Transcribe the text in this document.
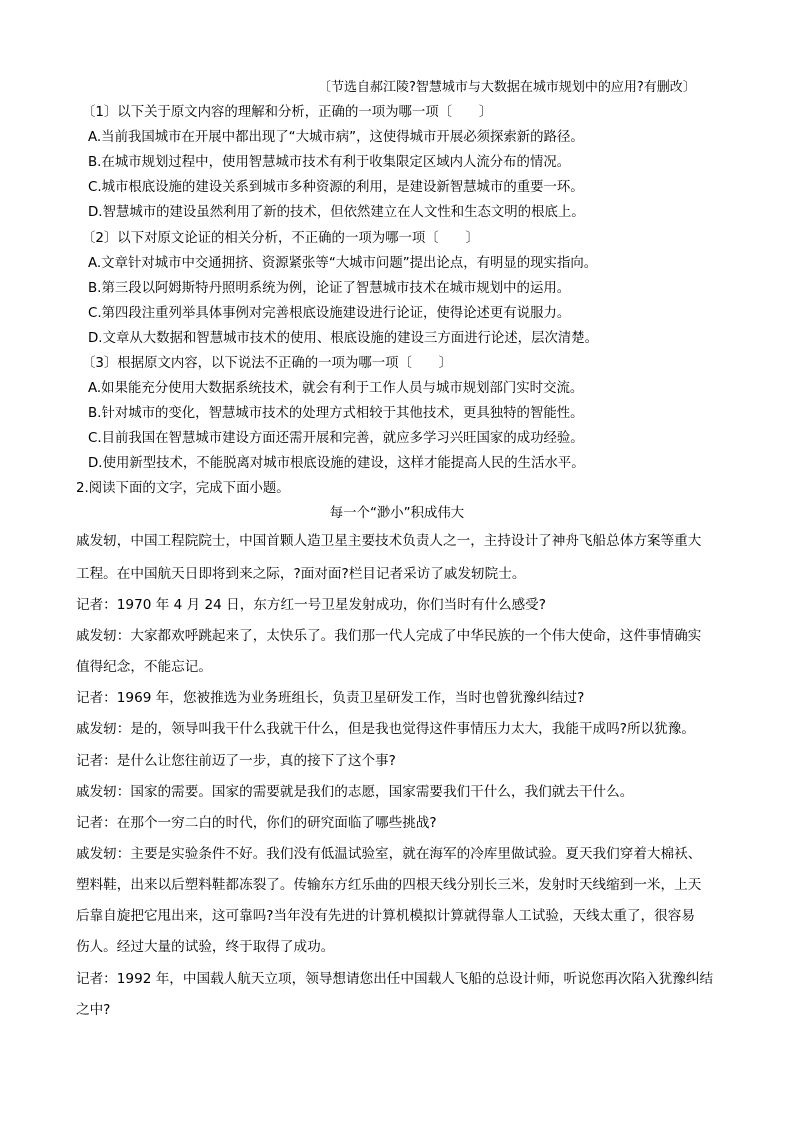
〔节选自郝江陵?智慧城市与大数据在城市规划中的应用?有删改〕
〔1〕以下关于原文内容的理解和分析，正确的一项为哪一项〔　　〕
A.当前我国城市在开展中都出现了“大城市病”，这使得城市开展必须探索新的路径。
B.在城市规划过程中，使用智慧城市技术有利于收集限定区域内人流分布的情况。
C.城市根底设施的建设关系到城市多种资源的利用，是建设新智慧城市的重要一环。
D.智慧城市的建设虽然利用了新的技术，但依然建立在人文性和生态文明的根底上。
〔2〕以下对原文论证的相关分析，不正确的一项为哪一项〔　　〕
A.文章针对城市中交通拥挤、资源紧张等“大城市问题”提出论点，有明显的现实指向。
B.第三段以阿姆斯特丹照明系统为例，论证了智慧城市技术在城市规划中的运用。
C.第四段注重列举具体事例对完善根底设施建设进行论证，使得论述更有说服力。
D.文章从大数据和智慧城市技术的使用、根底设施的建设三方面进行论述，层次清楚。
〔3〕根据原文内容，以下说法不正确的一项为哪一项〔　　〕
A.如果能充分使用大数据系统技术，就会有利于工作人员与城市规划部门实时交流。
B.针对城市的变化，智慧城市技术的处理方式相较于其他技术，更具独特的智能性。
C.目前我国在智慧城市建设方面还需开展和完善，就应多学习兴旺国家的成功经验。
D.使用新型技术，不能脱离对城市根底设施的建设，这样才能提高人民的生活水平。
2.阅读下面的文字，完成下面小题。
每一个“渺小”积成伟大
戚发轫，中国工程院院士，中国首颗人造卫星主要技术负责人之一，主持设计了神舟飞船总体方案等重大
工程。在中国航天日即将到来之际，?面对面?栏目记者采访了戚发轫院士。
记者：1970 年 4 月 24 日，东方红一号卫星发射成功，你们当时有什么感受?
戚发轫：大家都欢呼跳起来了，太快乐了。我们那一代人完成了中华民族的一个伟大使命，这件事情确实
值得纪念，不能忘记。
记者：1969 年，您被推选为业务班组长，负责卫星研发工作，当时也曾犹豫纠结过?
戚发轫：是的，领导叫我干什么我就干什么，但是我也觉得这件事情压力太大，我能干成吗?所以犹豫。
记者：是什么让您往前迈了一步，真的接下了这个事?
戚发轫：国家的需要。国家的需要就是我们的志愿，国家需要我们干什么，我们就去干什么。
记者：在那个一穷二白的时代，你们的研究面临了哪些挑战?
戚发轫：主要是实验条件不好。我们没有低温试验室，就在海军的冷库里做试验。夏天我们穿着大棉袄、
塑料鞋，出来以后塑料鞋都冻裂了。传输东方红乐曲的四根天线分别长三米，发射时天线缩到一米，上天
后靠自旋把它甩出来，这可靠吗?当年没有先进的计算机模拟计算就得靠人工试验，天线太重了，很容易
伤人。经过大量的试验，终于取得了成功。
记者：1992 年，中国载人航天立项，领导想请您出任中国载人飞船的总设计师，听说您再次陷入犹豫纠结
之中?
